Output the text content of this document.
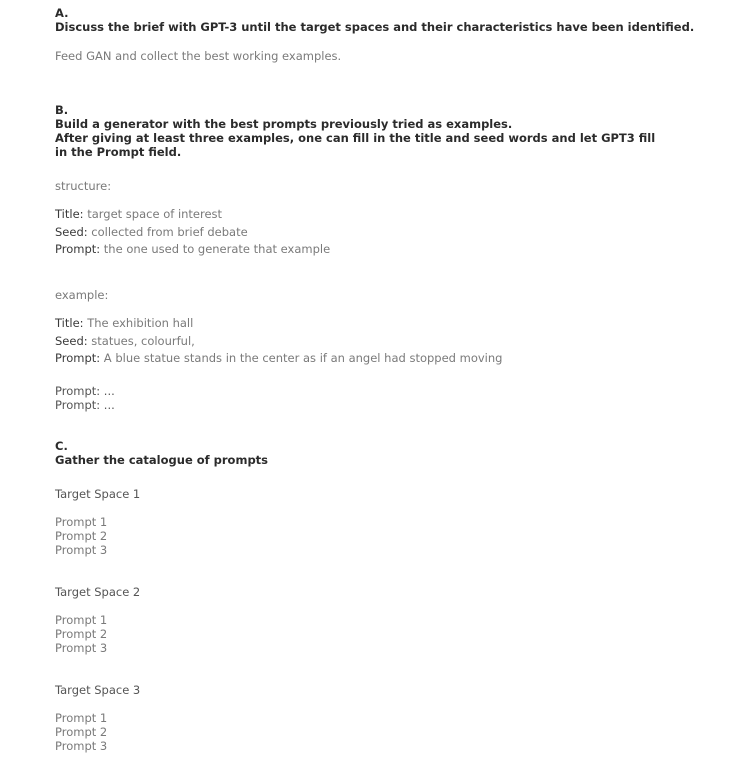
A.

Discuss the brief with GPT-3 until the target spaces and their characteristics have been identified.

Feed GAN and collect the best working examples.

B.

Build a generator with the best prompts previously tried as examples.

After giving at least three examples, one can fill in the title and seed words and let GPT3 fill in the Prompt field.

structure:

Title: target space of interest

Seed: collected from brief debate

Prompt: the one used to generate that example

example:

Title: The exhibition hall

Seed: statues, colourful,

Prompt: A blue statue stands in the center as if an angel had stopped moving

Prompt: ...

Prompt: ...

C.

Gather the catalogue of prompts

Target Space 1

Prompt 1

Prompt 2

Prompt 3

Target Space 2

Prompt 1

Prompt 2

Prompt 3

Target Space 3

Prompt 1

Prompt 2

Prompt 3
